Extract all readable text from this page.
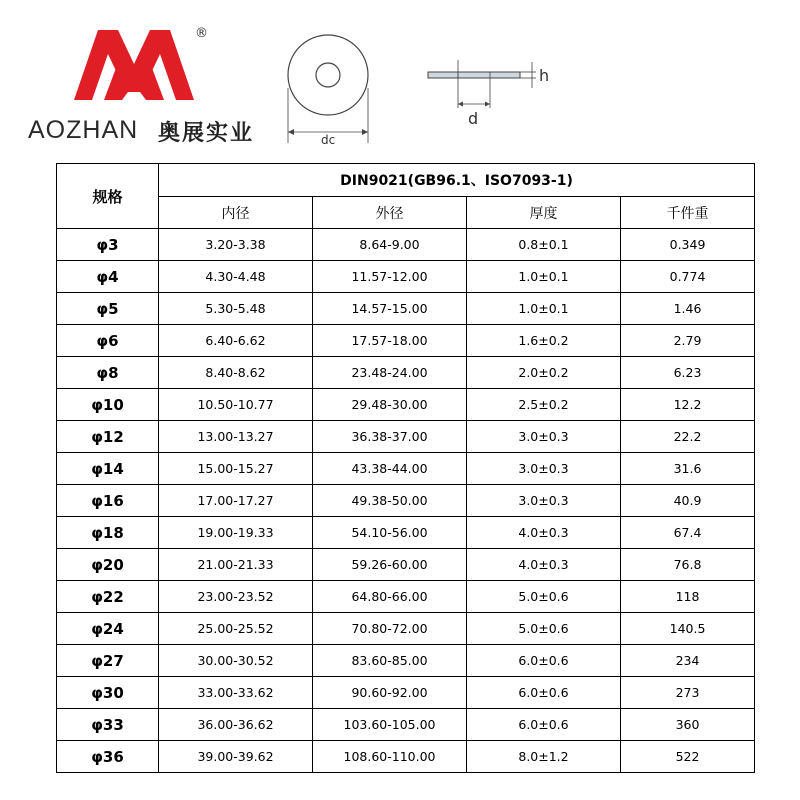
®
AOZHAN 奥展实业	dc
d
h
规格	DIN9021(GB96.1、ISO7093-1)			
	内径	外径	厚度	千件重
φ3	3.20-3.38	8.64-9.00	0.8±0.1	0.349
φ4	4.30-4.48	11.57-12.00	1.0±0.1	0.774
φ5	5.30-5.48	14.57-15.00	1.0±0.1	1.46
φ6	6.40-6.62	17.57-18.00	1.6±0.2	2.79
φ8	8.40-8.62	23.48-24.00	2.0±0.2	6.23
φ10	10.50-10.77	29.48-30.00	2.5±0.2	12.2
φ12	13.00-13.27	36.38-37.00	3.0±0.3	22.2
φ14	15.00-15.27	43.38-44.00	3.0±0.3	31.6
φ16	17.00-17.27	49.38-50.00	3.0±0.3	40.9
φ18	19.00-19.33	54.10-56.00	4.0±0.3	67.4
φ20	21.00-21.33	59.26-60.00	4.0±0.3	76.8
φ22	23.00-23.52	64.80-66.00	5.0±0.6	118
φ24	25.00-25.52	70.80-72.00	5.0±0.6	140.5
φ27	30.00-30.52	83.60-85.00	6.0±0.6	234
φ30	33.00-33.62	90.60-92.00	6.0±0.6	273
φ33	36.00-36.62	103.60-105.00	6.0±0.6	360
φ36	39.00-39.62	108.60-110.00	8.0±1.2	522
